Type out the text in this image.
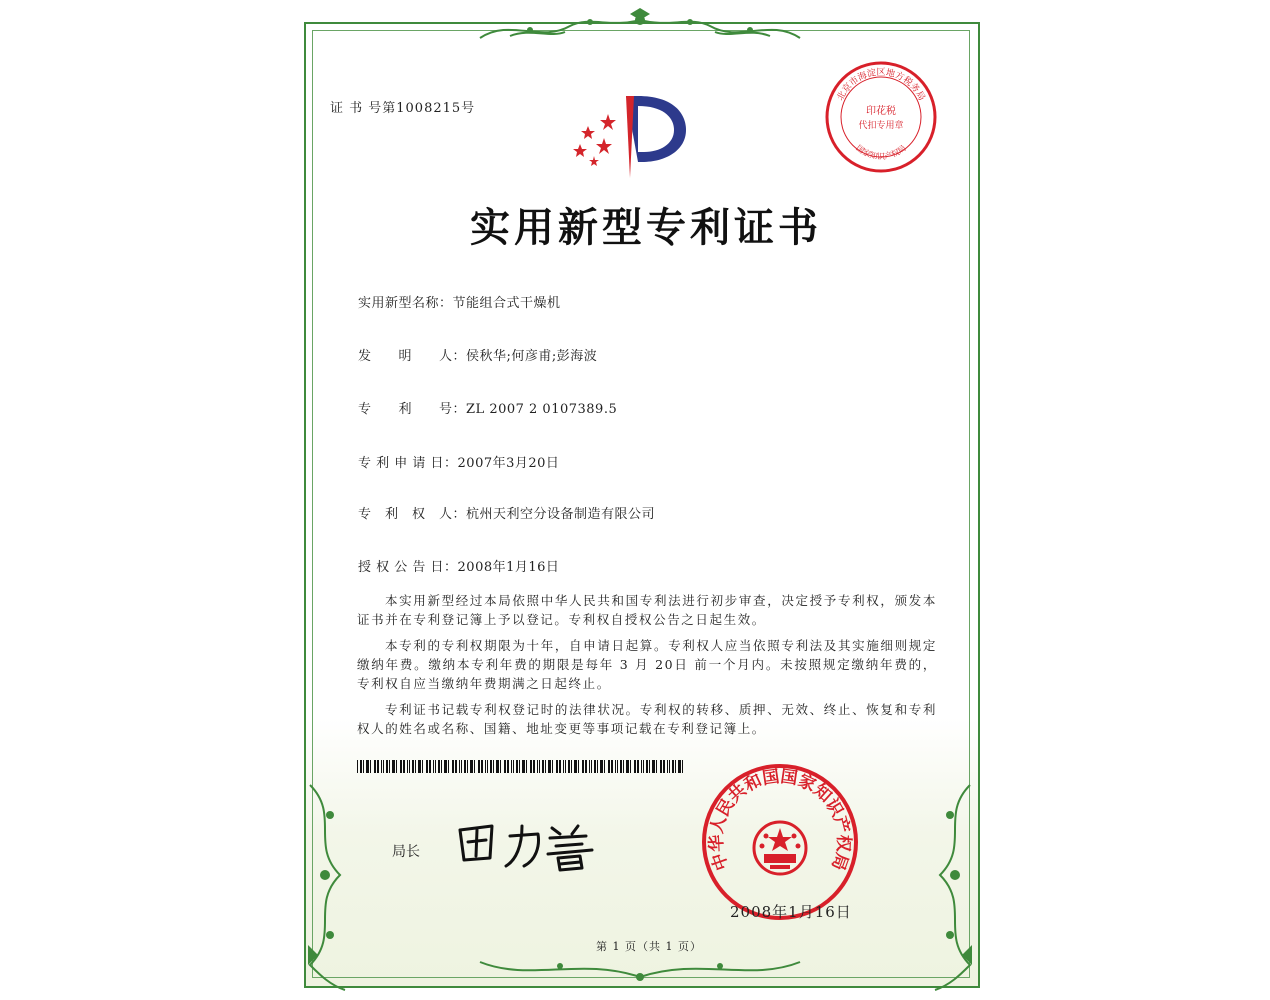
证 书 号第1008215号
北京市海淀区地方税务局
国家知识产权局
印花税
代扣专用章
实用新型专利证书
实用新型名称：节能组合式干燥机
发　　明　　人：侯秋华;何彦甫;彭海波
专　　利　　号：ZL 2007 2 0107389.5
专 利 申 请 日：2007年3月20日
专　利　权　人：杭州天利空分设备制造有限公司
授 权 公 告 日：2008年1月16日
本实用新型经过本局依照中华人民共和国专利法进行初步审查，决定授予专利权，颁发本证书并在专利登记簿上予以登记。专利权自授权公告之日起生效。
本专利的专利权期限为十年，自申请日起算。专利权人应当依照专利法及其实施细则规定缴纳年费。缴纳本专利年费的期限是每年 3 月 20日 前一个月内。未按照规定缴纳年费的，专利权自应当缴纳年费期满之日起终止。
专利证书记载专利权登记时的法律状况。专利权的转移、质押、无效、终止、恢复和专利权人的姓名或名称、国籍、地址变更等事项记载在专利登记簿上。
局长	中华人民共和国国家知识产权局
2008年1月16日
第 1 页（共 1 页）
